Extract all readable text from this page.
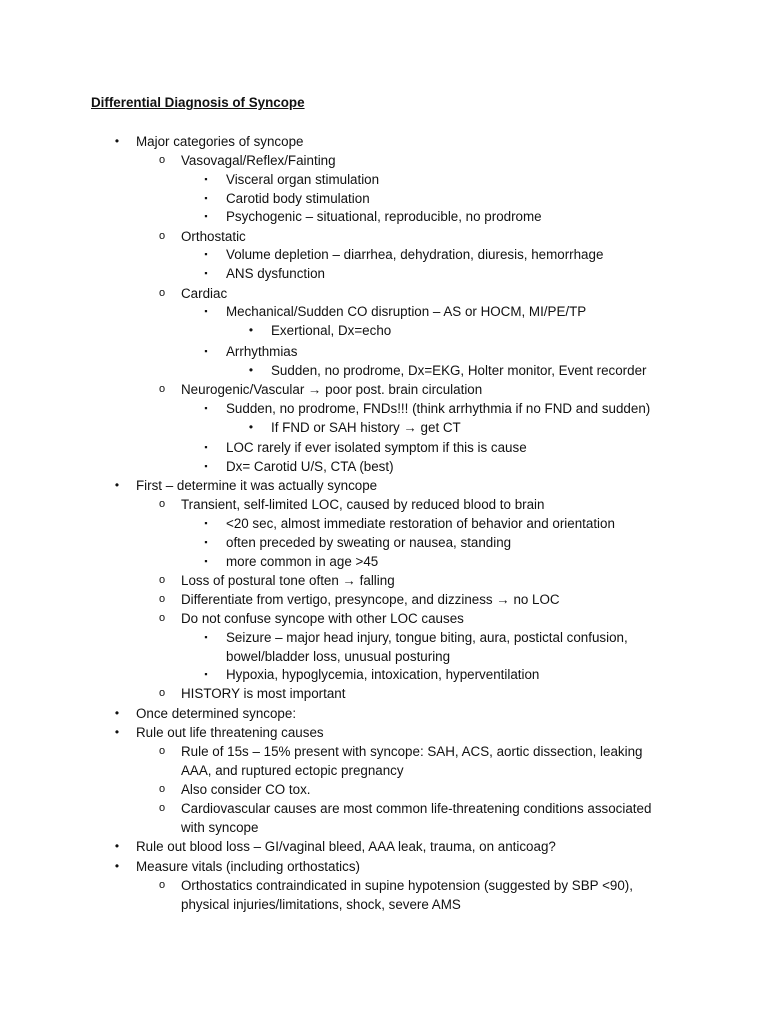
Differential Diagnosis of Syncope
•	Major categories of syncope
o Vasovagal/Reflex/Fainting
▪	Visceral organ stimulation
▪	Carotid body stimulation
▪	Psychogenic – situational, reproducible, no prodrome
o Orthostatic
▪	Volume depletion – diarrhea, dehydration, diuresis, hemorrhage
▪	ANS dysfunction
o Cardiac
▪	Mechanical/Sudden CO disruption – AS or HOCM, MI/PE/TP
•	Exertional, Dx=echo
▪	Arrhythmias
•	Sudden, no prodrome, Dx=EKG, Holter monitor, Event recorder
o Neurogenic/Vascular → poor post. brain circulation
▪	Sudden, no prodrome, FNDs!!! (think arrhythmia if no FND and sudden)
•	If FND or SAH history → get CT
▪	LOC rarely if ever isolated symptom if this is cause
▪	Dx= Carotid U/S, CTA (best)
•	First – determine it was actually syncope
o Transient, self-limited LOC, caused by reduced blood to brain
▪	<20 sec, almost immediate restoration of behavior and orientation
▪	often preceded by sweating or nausea, standing
▪	more common in age >45
o Loss of postural tone often → falling
o Differentiate from vertigo, presyncope, and dizziness → no LOC
o Do not confuse syncope with other LOC causes
▪	Seizure – major head injury, tongue biting, aura, postictal confusion,
bowel/bladder loss, unusual posturing
▪	Hypoxia, hypoglycemia, intoxication, hyperventilation
o HISTORY is most important
•	Once determined syncope:
•	Rule out life threatening causes
o Rule of 15s – 15% present with syncope: SAH, ACS, aortic dissection, leaking
AAA, and ruptured ectopic pregnancy
o Also consider CO tox.
o Cardiovascular causes are most common life-threatening conditions associated
with syncope
•	Rule out blood loss – GI/vaginal bleed, AAA leak, trauma, on anticoag?
•	Measure vitals (including orthostatics)
o Orthostatics contraindicated in supine hypotension (suggested by SBP <90),
physical injuries/limitations, shock, severe AMS
